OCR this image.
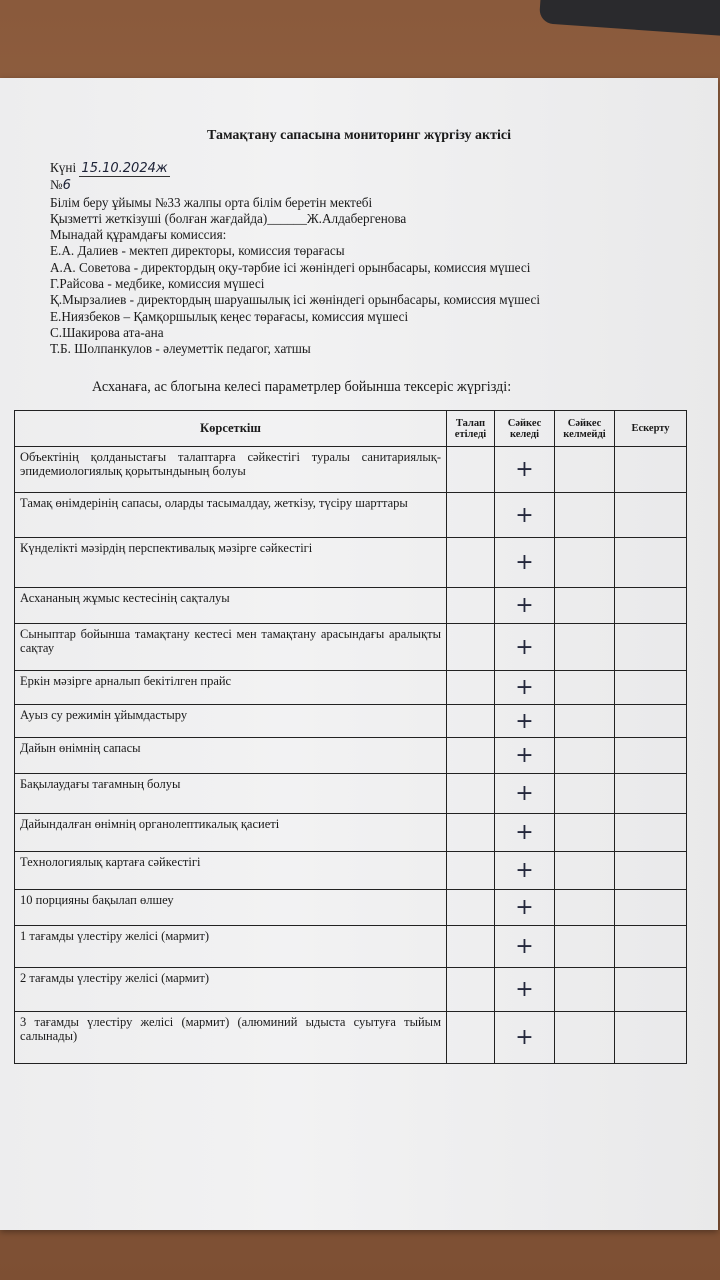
Тамақтану сапасына мониторинг жүргізу актісі
Күні 15.10.2024ж
№6
Білім беру ұйымы №33 жалпы орта білім беретін мектебі
Қызметті жеткізуші (болған жағдайда)______Ж.Алдабергенова
Мынадай құрамдағы комиссия:
Е.А. Далиев - мектеп директоры, комиссия төрағасы
А.А. Советова - директордың оқу-тәрбие ісі жөніндегі орынбасары, комиссия мүшесі
Г.Райсова - медбике, комиссия мүшесі
Қ.Мырзалиев - директордың шаруашылық ісі жөніндегі орынбасары, комиссия мүшесі
Е.Ниязбеков – Қамқоршылық кеңес төрағасы, комиссия мүшесі
С.Шакирова ата-ана
Т.Б. Шолпанкулов - әлеуметтік педагог, хатшы
Асханаға, ас блогына келесі параметрлер бойынша тексеріс жүргізді:
Көрсеткіш	Талап етіледі	Сәйкес келеді	Сәйкес келмейді	Ескерту
Объектінің қолданыстағы талаптарға сәйкестігі туралы санитариялық-эпидемиологиялық қорытындының болуы		+		
Тамақ өнімдерінің сапасы, оларды тасымалдау, жеткізу, түсіру шарттары		+		
Күнделікті мәзірдің перспективалық мәзірге сәйкестігі		+		
Асхананың жұмыс кестесінің сақталуы		+		
Сыныптар бойынша тамақтану кестесі мен тамақтану арасындағы аралықты сақтау		+		
Еркін мәзірге арналып бекітілген прайс		+		
Ауыз су режимін ұйымдастыру		+		
Дайын өнімнің сапасы		+		
Бақылаудағы тағамның болуы		+		
Дайындалған өнімнің органолептикалық қасиеті		+		
Технологиялық картаға сәйкестігі		+		
10 порцияны бақылап өлшеу		+		
1 тағамды үлестіру желісі (мармит)		+		
2 тағамды үлестіру желісі (мармит)		+		
3 тағамды үлестіру желісі (мармит) (алюминий ыдыста суытуға тыйым салынады)		+		
